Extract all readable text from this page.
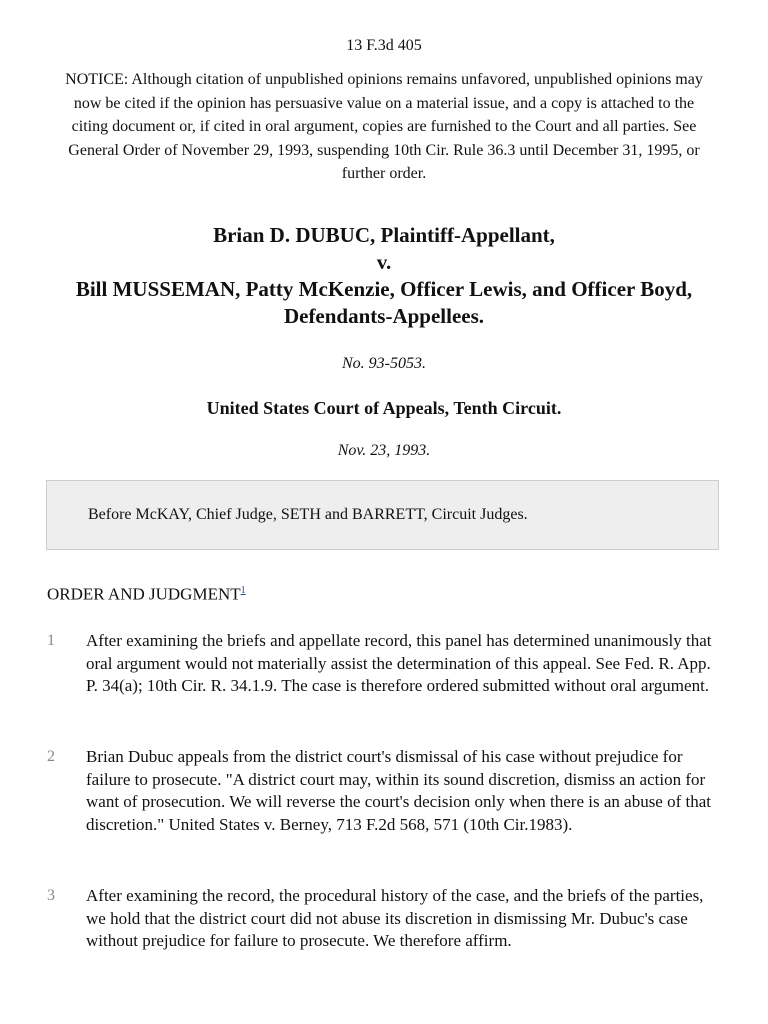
13 F.3d 405
NOTICE: Although citation of unpublished opinions remains unfavored, unpublished opinions may now be cited if the opinion has persuasive value on a material issue, and a copy is attached to the citing document or, if cited in oral argument, copies are furnished to the Court and all parties. See General Order of November 29, 1993, suspending 10th Cir. Rule 36.3 until December 31, 1995, or further order.
Brian D. DUBUC, Plaintiff-Appellant,
v.
Bill MUSSEMAN, Patty McKenzie, Officer Lewis, and Officer Boyd, Defendants-Appellees.
No. 93-5053.
United States Court of Appeals, Tenth Circuit.
Nov. 23, 1993.
Before McKAY, Chief Judge, SETH and BARRETT, Circuit Judges.
ORDER AND JUDGMENT$^1$
1	After examining the briefs and appellate record, this panel has determined unanimously that oral argument would not materially assist the determination of this appeal. See Fed. R. App. P. 34(a); 10th Cir. R. 34.1.9. The case is therefore ordered submitted without oral argument.
2	Brian Dubuc appeals from the district court's dismissal of his case without prejudice for failure to prosecute. "A district court may, within its sound discretion, dismiss an action for want of prosecution. We will reverse the court's decision only when there is an abuse of that discretion." United States v. Berney, 713 F.2d 568, 571 (10th Cir.1983).
3	After examining the record, the procedural history of the case, and the briefs of the parties, we hold that the district court did not abuse its discretion in dismissing Mr. Dubuc's case without prejudice for failure to prosecute. We therefore affirm.
